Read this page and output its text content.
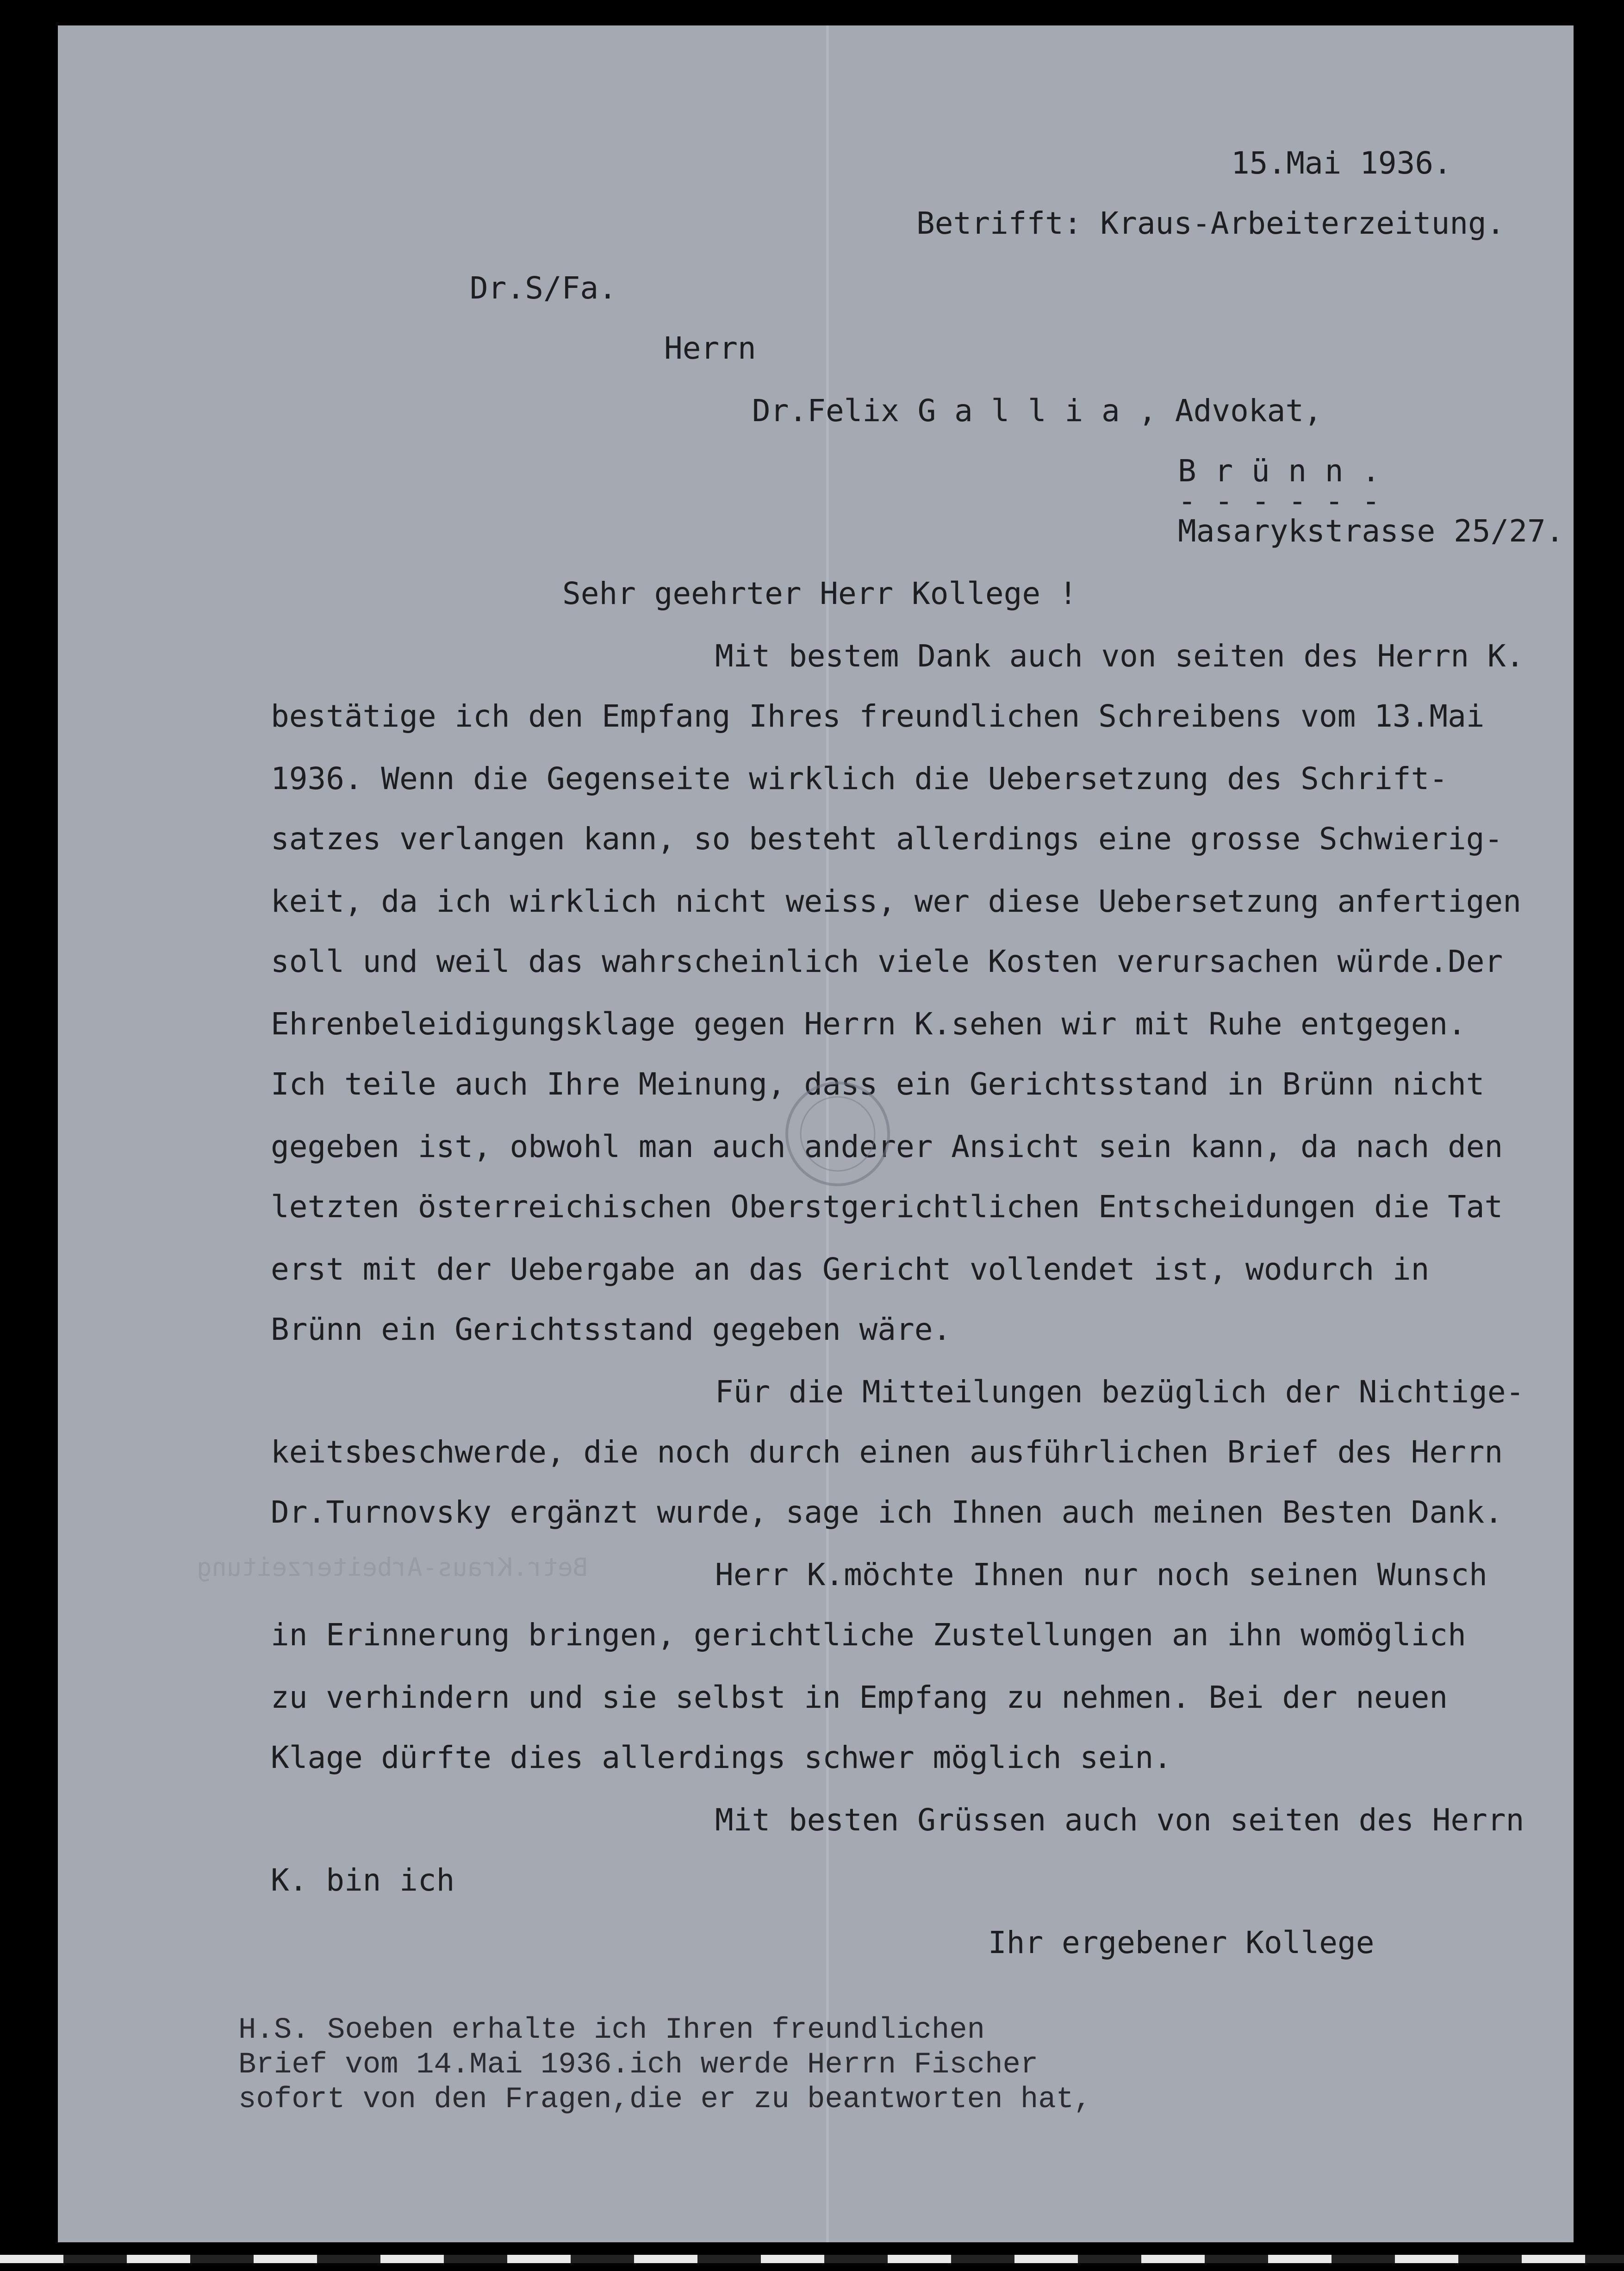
Betr.Kraus-Arbeiterzeitung
15.Mai 1936.
Betrifft: Kraus-Arbeiterzeitung.
Dr.S/Fa.
Herrn
Dr.Felix G a l l i a , Advokat,
B r ü n n .
- - - - - -
Masarykstrasse 25/27.
Sehr geehrter Herr Kollege !
Mit bestem Dank auch von seiten des Herrn K.
bestätige ich den Empfang Ihres freundlichen Schreibens vom 13.Mai
1936. Wenn die Gegenseite wirklich die Uebersetzung des Schrift-
satzes verlangen kann, so besteht allerdings eine grosse Schwierig-
keit, da ich wirklich nicht weiss, wer diese Uebersetzung anfertigen
soll und weil das wahrscheinlich viele Kosten verursachen würde.Der
Ehrenbeleidigungsklage gegen Herrn K.sehen wir mit Ruhe entgegen.
Ich teile auch Ihre Meinung, dass ein Gerichtsstand in Brünn nicht
gegeben ist, obwohl man auch anderer Ansicht sein kann, da nach den
letzten österreichischen Oberstgerichtlichen Entscheidungen die Tat
erst mit der Uebergabe an das Gericht vollendet ist, wodurch in
Brünn ein Gerichtsstand gegeben wäre.
Für die Mitteilungen bezüglich der Nichtige-
keitsbeschwerde, die noch durch einen ausführlichen Brief des Herrn
Dr.Turnovsky ergänzt wurde, sage ich Ihnen auch meinen Besten Dank.
Herr K.möchte Ihnen nur noch seinen Wunsch
in Erinnerung bringen, gerichtliche Zustellungen an ihn womöglich
zu verhindern und sie selbst in Empfang zu nehmen. Bei der neuen
Klage dürfte dies allerdings schwer möglich sein.
Mit besten Grüssen auch von seiten des Herrn
K. bin ich
Ihr ergebener Kollege
H.S. Soeben erhalte ich Ihren freundlichen
Brief vom 14.Mai 1936.ich werde Herrn Fischer
sofort von den Fragen,die er zu beantworten hat,
